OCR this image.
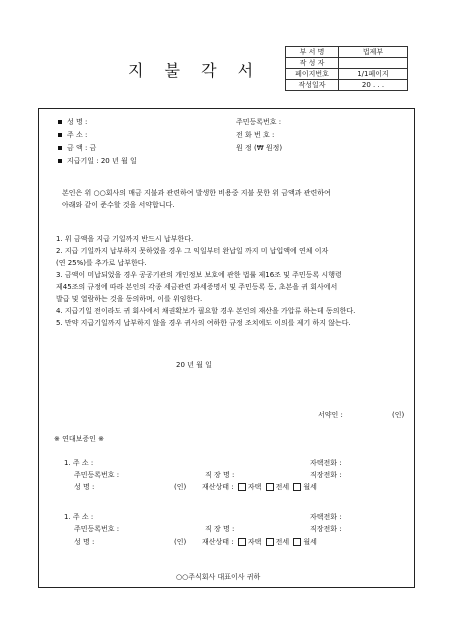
지 불 각 서
부 서 명	법제부
작 성 자	
페이지번호	1/1페이지
작성일자	20 . . .
성 명 :	주민등록번호 :
주 소 :	전 화 번 호 :
금 액 : 금	원 정 (₩ 원정)
지급기일 : 20 년 월 일
본인은 위 ○○회사의 매금 지불과 관련하여 발생한 비용중 지불 못한 위 금액과 관련하여
아래와 같이 준수할 것을 서약합니다.
1. 위 금액을 지급 기일까지 반드시 납부한다.
2. 지급 기일까지 납부하지 못하였을 경우 그 익일부터 완납일 까지 미 납입액에 연체 이자
(연 25%)를 추가로 납부한다.
3. 금액이 미납되었을 경우 공공기관의 개인정보 보호에 관한 법률 제16조 및 주민등록 시행령
제45조의 규정에 따라 본인의 각종 세금관련 과세증명서 및 주민등록 등, 초본을 귀 회사에서
발급 및 열람하는 것을 동의하며, 이를 위임한다.
4. 지급기일 전이라도 귀 회사에서 채권확보가 필요할 경우 본인의 재산을 가압류 하는데 동의한다.
5. 만약 지급기일까지 납부하지 않을 경우 귀사의 여하한 규정 조치에도 이의를 제기 하지 않는다.
20 년 월 일
서약인 :	(인)
※ 연대보증인 ※
1. 주 소 :	자택전화 :
주민등록번호 :	직 장 명 :	직장전화 :
성 명 :	(인) 재산상태 : 자택 전세 월세
1. 주 소 :	자택전화 :
주민등록번호 :	직 장 명 :	직장전화 :
성 명 :	(인) 재산상태 : 자택 전세 월세
○○주식회사 대표이사 귀하
